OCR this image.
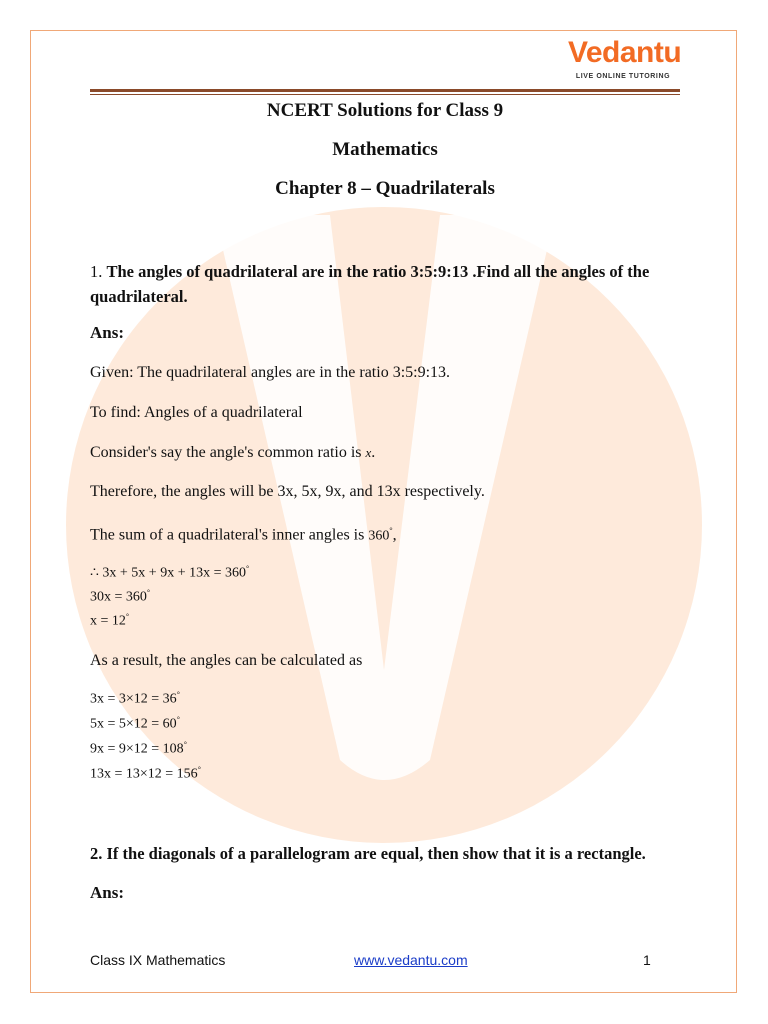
Vedantu
LIVE ONLINE TUTORING
NCERT Solutions for Class 9
Mathematics
Chapter 8 – Quadrilaterals
1. The angles of quadrilateral are in the ratio 3:5:9:13 .Find all the angles of the quadrilateral.
Ans:
Given: The quadrilateral angles are in the ratio 3:5:9:13.
To find: Angles of a quadrilateral
Consider's say the angle's common ratio is x.
Therefore, the angles will be 3x, 5x, 9x, and 13x respectively.
The sum of a quadrilateral's inner angles is 360°,
∴ 3x + 5x + 9x + 13x = 360°
30x = 360°
x = 12°
As a result, the angles can be calculated as
3x = 3×12 = 36°
5x = 5×12 = 60°
9x = 9×12 = 108°
13x = 13×12 = 156°
2. If the diagonals of a parallelogram are equal, then show that it is a rectangle.
Ans:
Class IX Mathematics	www.vedantu.com	1
